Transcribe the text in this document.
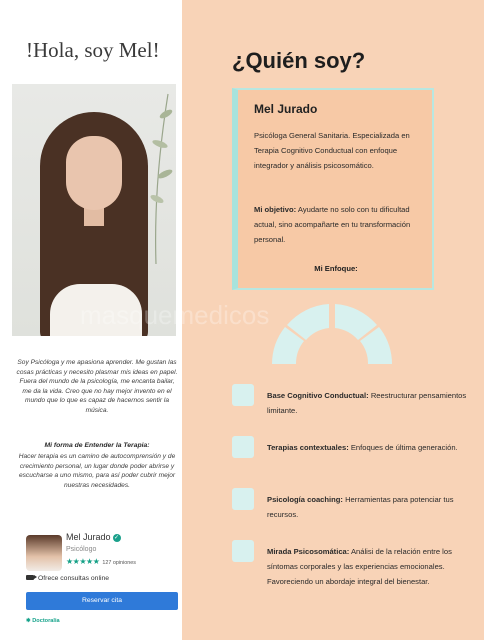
!Hola, soy Mel!

Soy Psicóloga y me apasiona aprender. Me gustan las cosas prácticas y necesito plasmar mis ideas en papel. Fuera del mundo de la psicología, me encanta bailar, me da la vida. Creo que no hay mejor invento en el mundo que lo que es capaz de hacernos sentir la música.

Mi forma de Entender la Terapia:

Hacer terapia es un camino de autocomprensión y de crecimiento personal, un lugar donde poder abrirse y escucharse a uno mismo, para así poder cubrir mejor nuestras necesidades.

Mel Jurado ✓
Psicólogo
★★★★★ 127 opiniones
Ofrece consultas online
Reservar cita
✱ Doctoralia
¿Quién soy?
Mel Jurado

Psicóloga General Sanitaria. Especializada en Terapia Cognitivo Conductual con enfoque integrador y análisis psicosomático.

Mi objetivo: Ayudarte no solo con tu dificultad actual, sino acompañarte en tu transformación personal.

Mi Enfoque:

Base Cognitivo Conductual: Reestructurar pensamientos limitante.

Terapias contextuales: Enfoques de última generación.

Psicología coaching: Herramientas para potenciar tus recursos.

Mirada Psicosomática: Análisi de la relación entre los síntomas corporales y las experiencias emocionales. Favoreciendo un abordaje integral del bienestar.

masquemedicos
